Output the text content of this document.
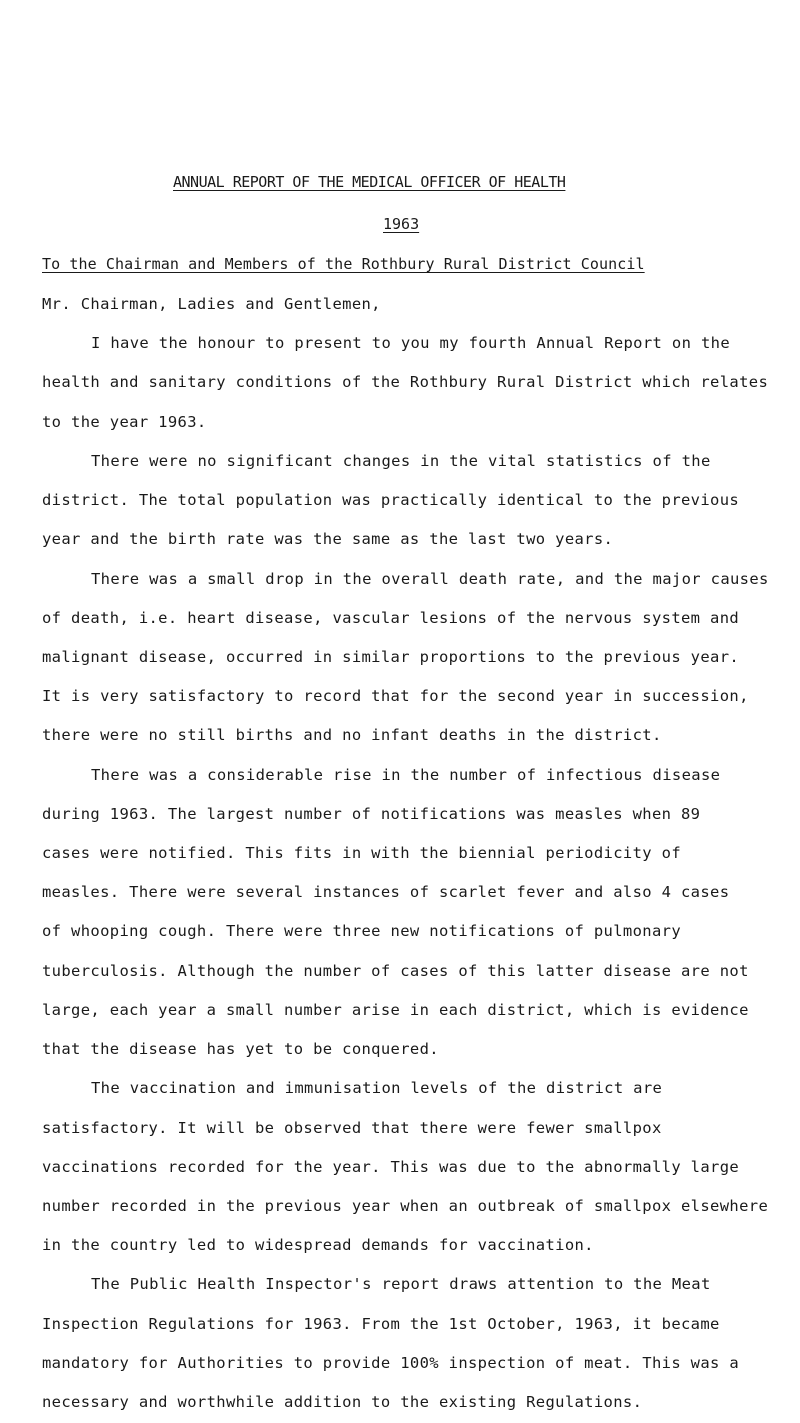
ANNUAL REPORT OF THE MEDICAL OFFICER OF HEALTH
1963
To the Chairman and Members of the Rothbury Rural District Council
Mr. Chairman, Ladies and Gentlemen,
I have the honour to present to you my fourth Annual Report on the
health and sanitary conditions of the Rothbury Rural District which relates
to the year 1963.
There were no significant changes in the vital statistics of the
district. The total population was practically identical to the previous
year and the birth rate was the same as the last two years.
There was a small drop in the overall death rate, and the major causes
of death, i.e. heart disease, vascular lesions of the nervous system and
malignant disease, occurred in similar proportions to the previous year.
It is very satisfactory to record that for the second year in succession,
there were no still births and no infant deaths in the district.
There was a considerable rise in the number of infectious disease
during 1963. The largest number of notifications was measles when 89
cases were notified. This fits in with the biennial periodicity of
measles. There were several instances of scarlet fever and also 4 cases
of whooping cough. There were three new notifications of pulmonary
tuberculosis. Although the number of cases of this latter disease are not
large, each year a small number arise in each district, which is evidence
that the disease has yet to be conquered.
The vaccination and immunisation levels of the district are
satisfactory. It will be observed that there were fewer smallpox
vaccinations recorded for the year. This was due to the abnormally large
number recorded in the previous year when an outbreak of smallpox elsewhere
in the country led to widespread demands for vaccination.
The Public Health Inspector's report draws attention to the Meat
Inspection Regulations for 1963. From the 1st October, 1963, it became
mandatory for Authorities to provide 100% inspection of meat. This was a
necessary and worthwhile addition to the existing Regulations.
